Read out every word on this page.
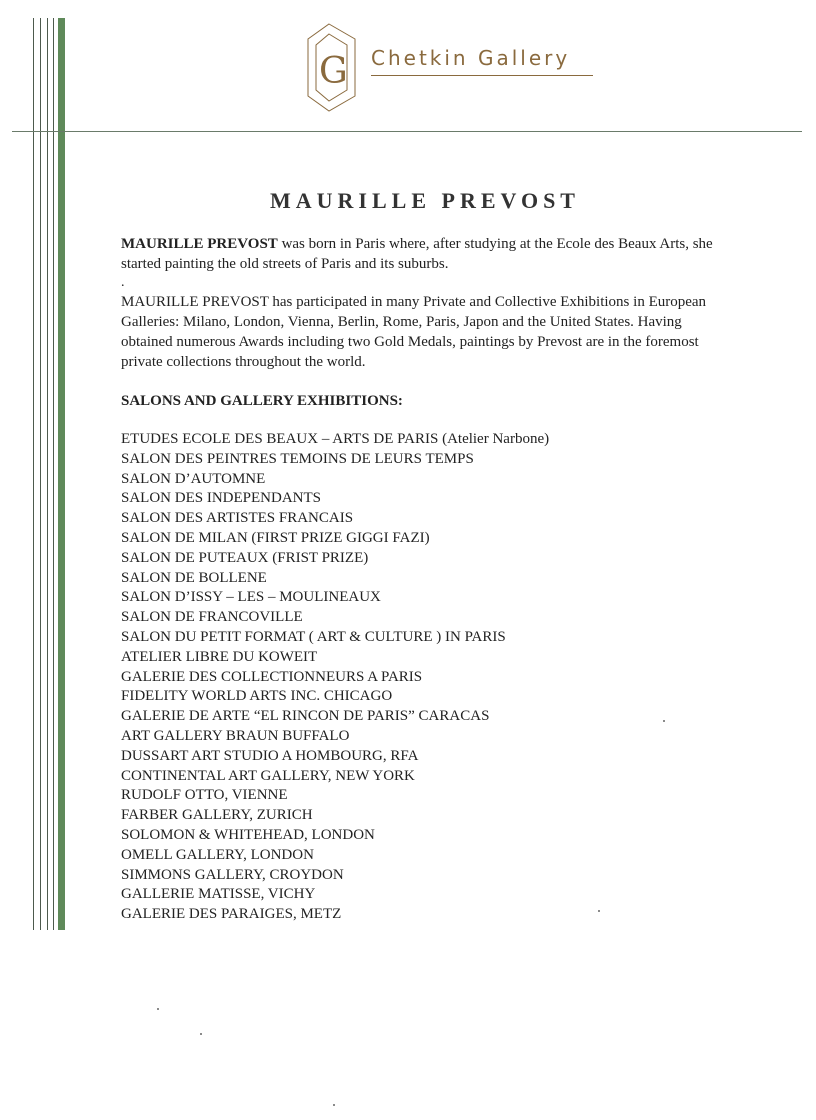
G Chetkin Gallery
MAURILLE PREVOST
MAURILLE PREVOST was born in Paris where, after studying at the Ecole des Beaux Arts, she started painting the old streets of Paris and its suburbs.
.
MAURILLE PREVOST has participated in many Private and Collective Exhibitions in European Galleries: Milano, London, Vienna, Berlin, Rome, Paris, Japon and the United States. Having obtained numerous Awards including two Gold Medals, paintings by Prevost are in the foremost private collections throughout the world.
SALONS AND GALLERY EXHIBITIONS:
ETUDES ECOLE DES BEAUX – ARTS DE PARIS (Atelier Narbone)
SALON DES PEINTRES TEMOINS DE LEURS TEMPS
SALON D’AUTOMNE
SALON DES INDEPENDANTS
SALON DES ARTISTES FRANCAIS
SALON DE MILAN (FIRST PRIZE GIGGI FAZI)
SALON DE PUTEAUX (FRIST PRIZE)
SALON DE BOLLENE
SALON D’ISSY – LES – MOULINEAUX
SALON DE FRANCOVILLE
SALON DU PETIT FORMAT ( ART & CULTURE ) IN PARIS
ATELIER LIBRE DU KOWEIT
GALERIE DES COLLECTIONNEURS A PARIS
FIDELITY WORLD ARTS INC. CHICAGO
GALERIE DE ARTE “EL RINCON DE PARIS” CARACAS
ART GALLERY BRAUN BUFFALO
DUSSART ART STUDIO A HOMBOURG, RFA
CONTINENTAL ART GALLERY, NEW YORK
RUDOLF OTTO, VIENNE
FARBER GALLERY, ZURICH
SOLOMON & WHITEHEAD, LONDON
OMELL GALLERY, LONDON
SIMMONS GALLERY, CROYDON
GALLERIE MATISSE, VICHY
GALERIE DES PARAIGES, METZ
